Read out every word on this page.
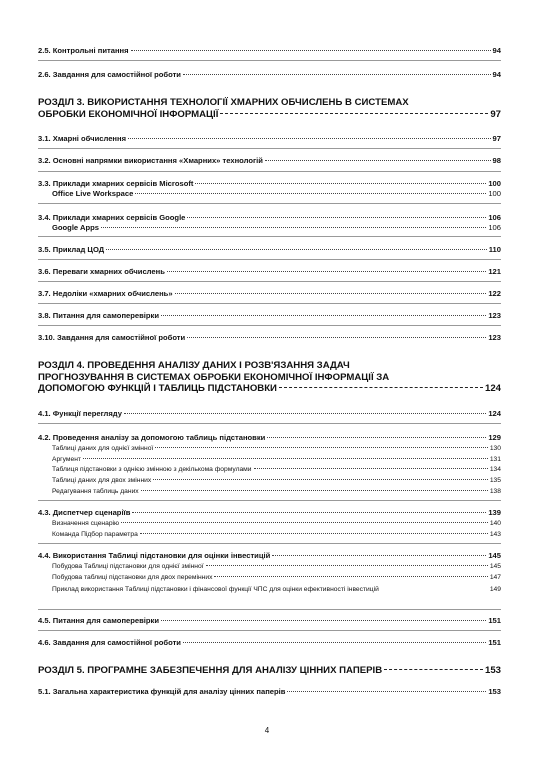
2.5. Контрольні питання	94
2.6. Завдання для самостійної роботи	94
РОЗДІЛ 3. ВИКОРИСТАННЯ ТЕХНОЛОГІЇ ХМАРНИХ ОБЧИСЛЕНЬ В СИСТЕМАХ
ОБРОБКИ ЕКОНОМІЧНОЇ ІНФОРМАЦІЇ	97
3.1. Хмарні обчислення	97
3.2. Основні напрямки використання «Хмарних» технологій	98
3.3. Приклади хмарних сервісів Microsoft	100
Office Live Workspace	100
3.4. Приклади хмарних сервісів Google	106
Google Apps	106
3.5. Приклад ЦОД	110
3.6. Переваги хмарних обчислень	121
3.7. Недоліки «хмарних обчислень»	122
3.8. Питання для самоперевірки	123
3.10. Завдання для самостійної роботи	123
РОЗДІЛ 4. ПРОВЕДЕННЯ АНАЛІЗУ ДАНИХ І РОЗВ'ЯЗАННЯ ЗАДАЧ
ПРОГНОЗУВАННЯ В СИСТЕМАХ ОБРОБКИ ЕКОНОМІЧНОЇ ІНФОРМАЦІЇ ЗА
ДОПОМОГОЮ ФУНКЦІЙ І ТАБЛИЦЬ ПІДСТАНОВКИ	124
4.1. Функції перегляду	124
4.2. Проведення аналізу за допомогою таблиць підстановки	129
Таблиці даних для однієї змінної	130
Аргумент	131
Таблиця підстановки з однією змінною з декількома формулами	134
Таблиці даних для двох змінних	135
Редагування таблиць даних	138
4.3. Диспетчер сценаріїв	139
Визначення сценарію	140
Команда Підбор параметра	143
4.4. Використання Таблиці підстановки для оцінки інвестицій	145
Побудова Таблиці підстановки для однієї змінної	145
Побудова таблиці підстановки для двох перемінних	147
Приклад використання Таблиці підстановки і фінансової функції ЧПС для оцінки ефективності інвестицій	149
4.5. Питання для самоперевірки	151
4.6. Завдання для самостійної роботи	151
РОЗДІЛ 5. ПРОГРАМНЕ ЗАБЕЗПЕЧЕННЯ ДЛЯ АНАЛІЗУ ЦІННИХ ПАПЕРІВ	153
5.1. Загальна характеристика функцій для аналізу цінних паперів	153
4
